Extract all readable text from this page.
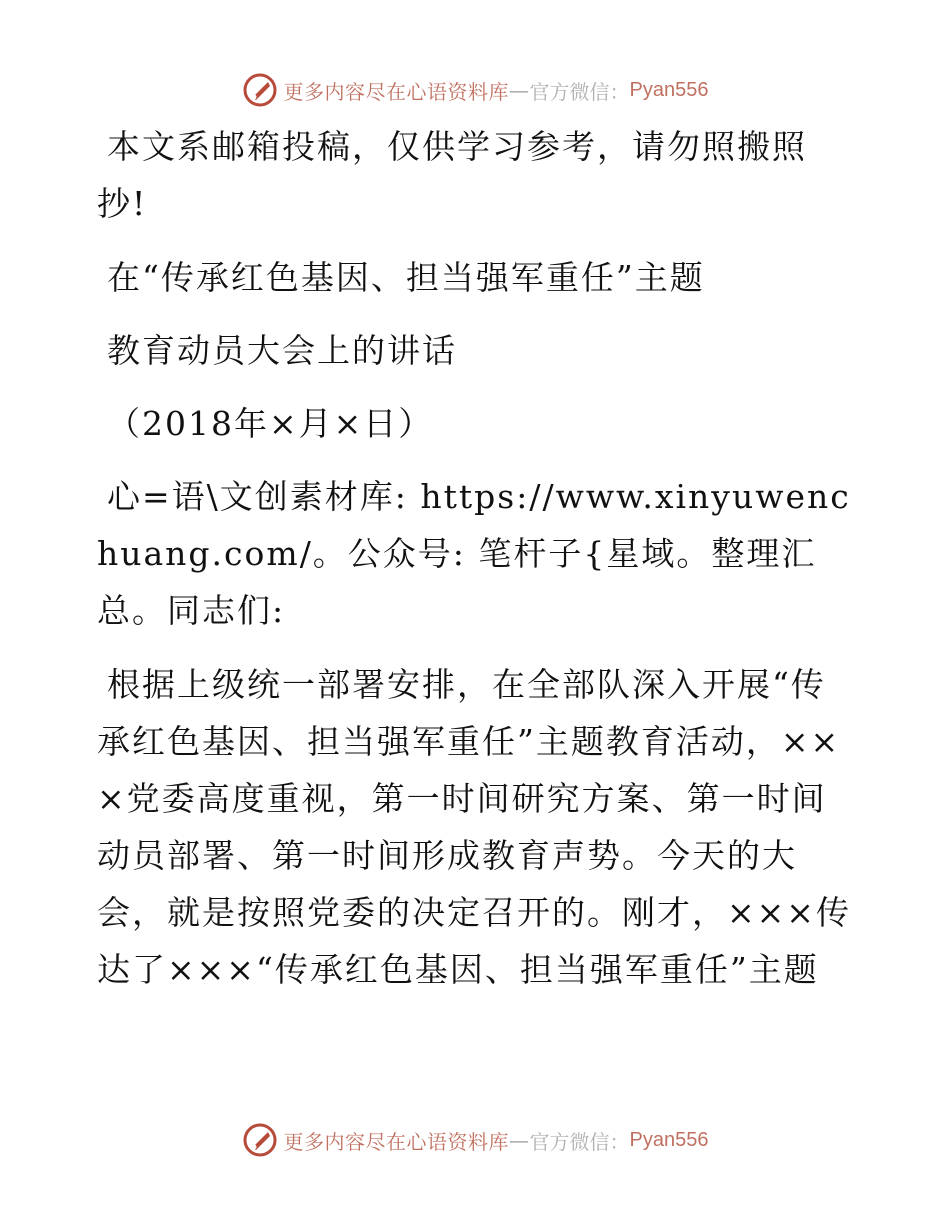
更多内容尽在心语资料库 — 官方微信： Pyan556

本文系邮箱投稿，仅供学习参考，请勿照搬照抄!

在“传承红色基因、担当强军重任”主题

教育动员大会上的讲话

（2018年×月×日）

心=语\文创素材库: https://www.xinyuwenchuang.com/。公众号: 笔杆子{星域。整理汇总。同志们:

根据上级统一部署安排，在全部队深入开展“传承红色基因、担当强军重任”主题教育活动，×××党委高度重视，第一时间研究方案、第一时间动员部署、第一时间形成教育声势。今天的大会，就是按照党委的决定召开的。刚才，×××传达了×××“传承红色基因、担当强军重任”主题

更多内容尽在心语资料库 — 官方微信： Pyan556
